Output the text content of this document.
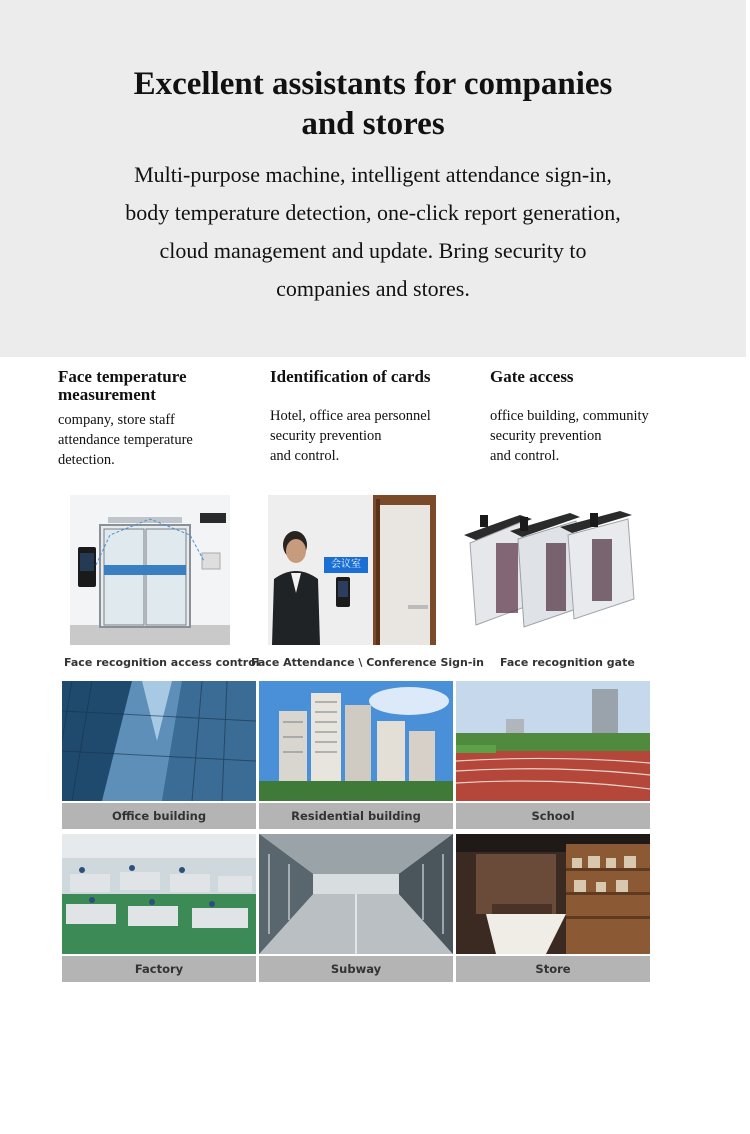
Excellent assistants for companies
and stores

Multi-purpose machine, intelligent attendance sign-in,
body temperature detection, one-click report generation,
cloud management and update. Bring security to
companies and stores.

Face temperature
measurement

company, store staff
attendance temperature
detection.

Identification of cards

Hotel, office area personnel
security prevention
and control.

Gate access

office building, community
security prevention
and control.

会议室
Face recognition access control
Face Attendance \ Conference Sign-in Face recognition gate
Office building	Residential building	School
Factory	Subway	Store
